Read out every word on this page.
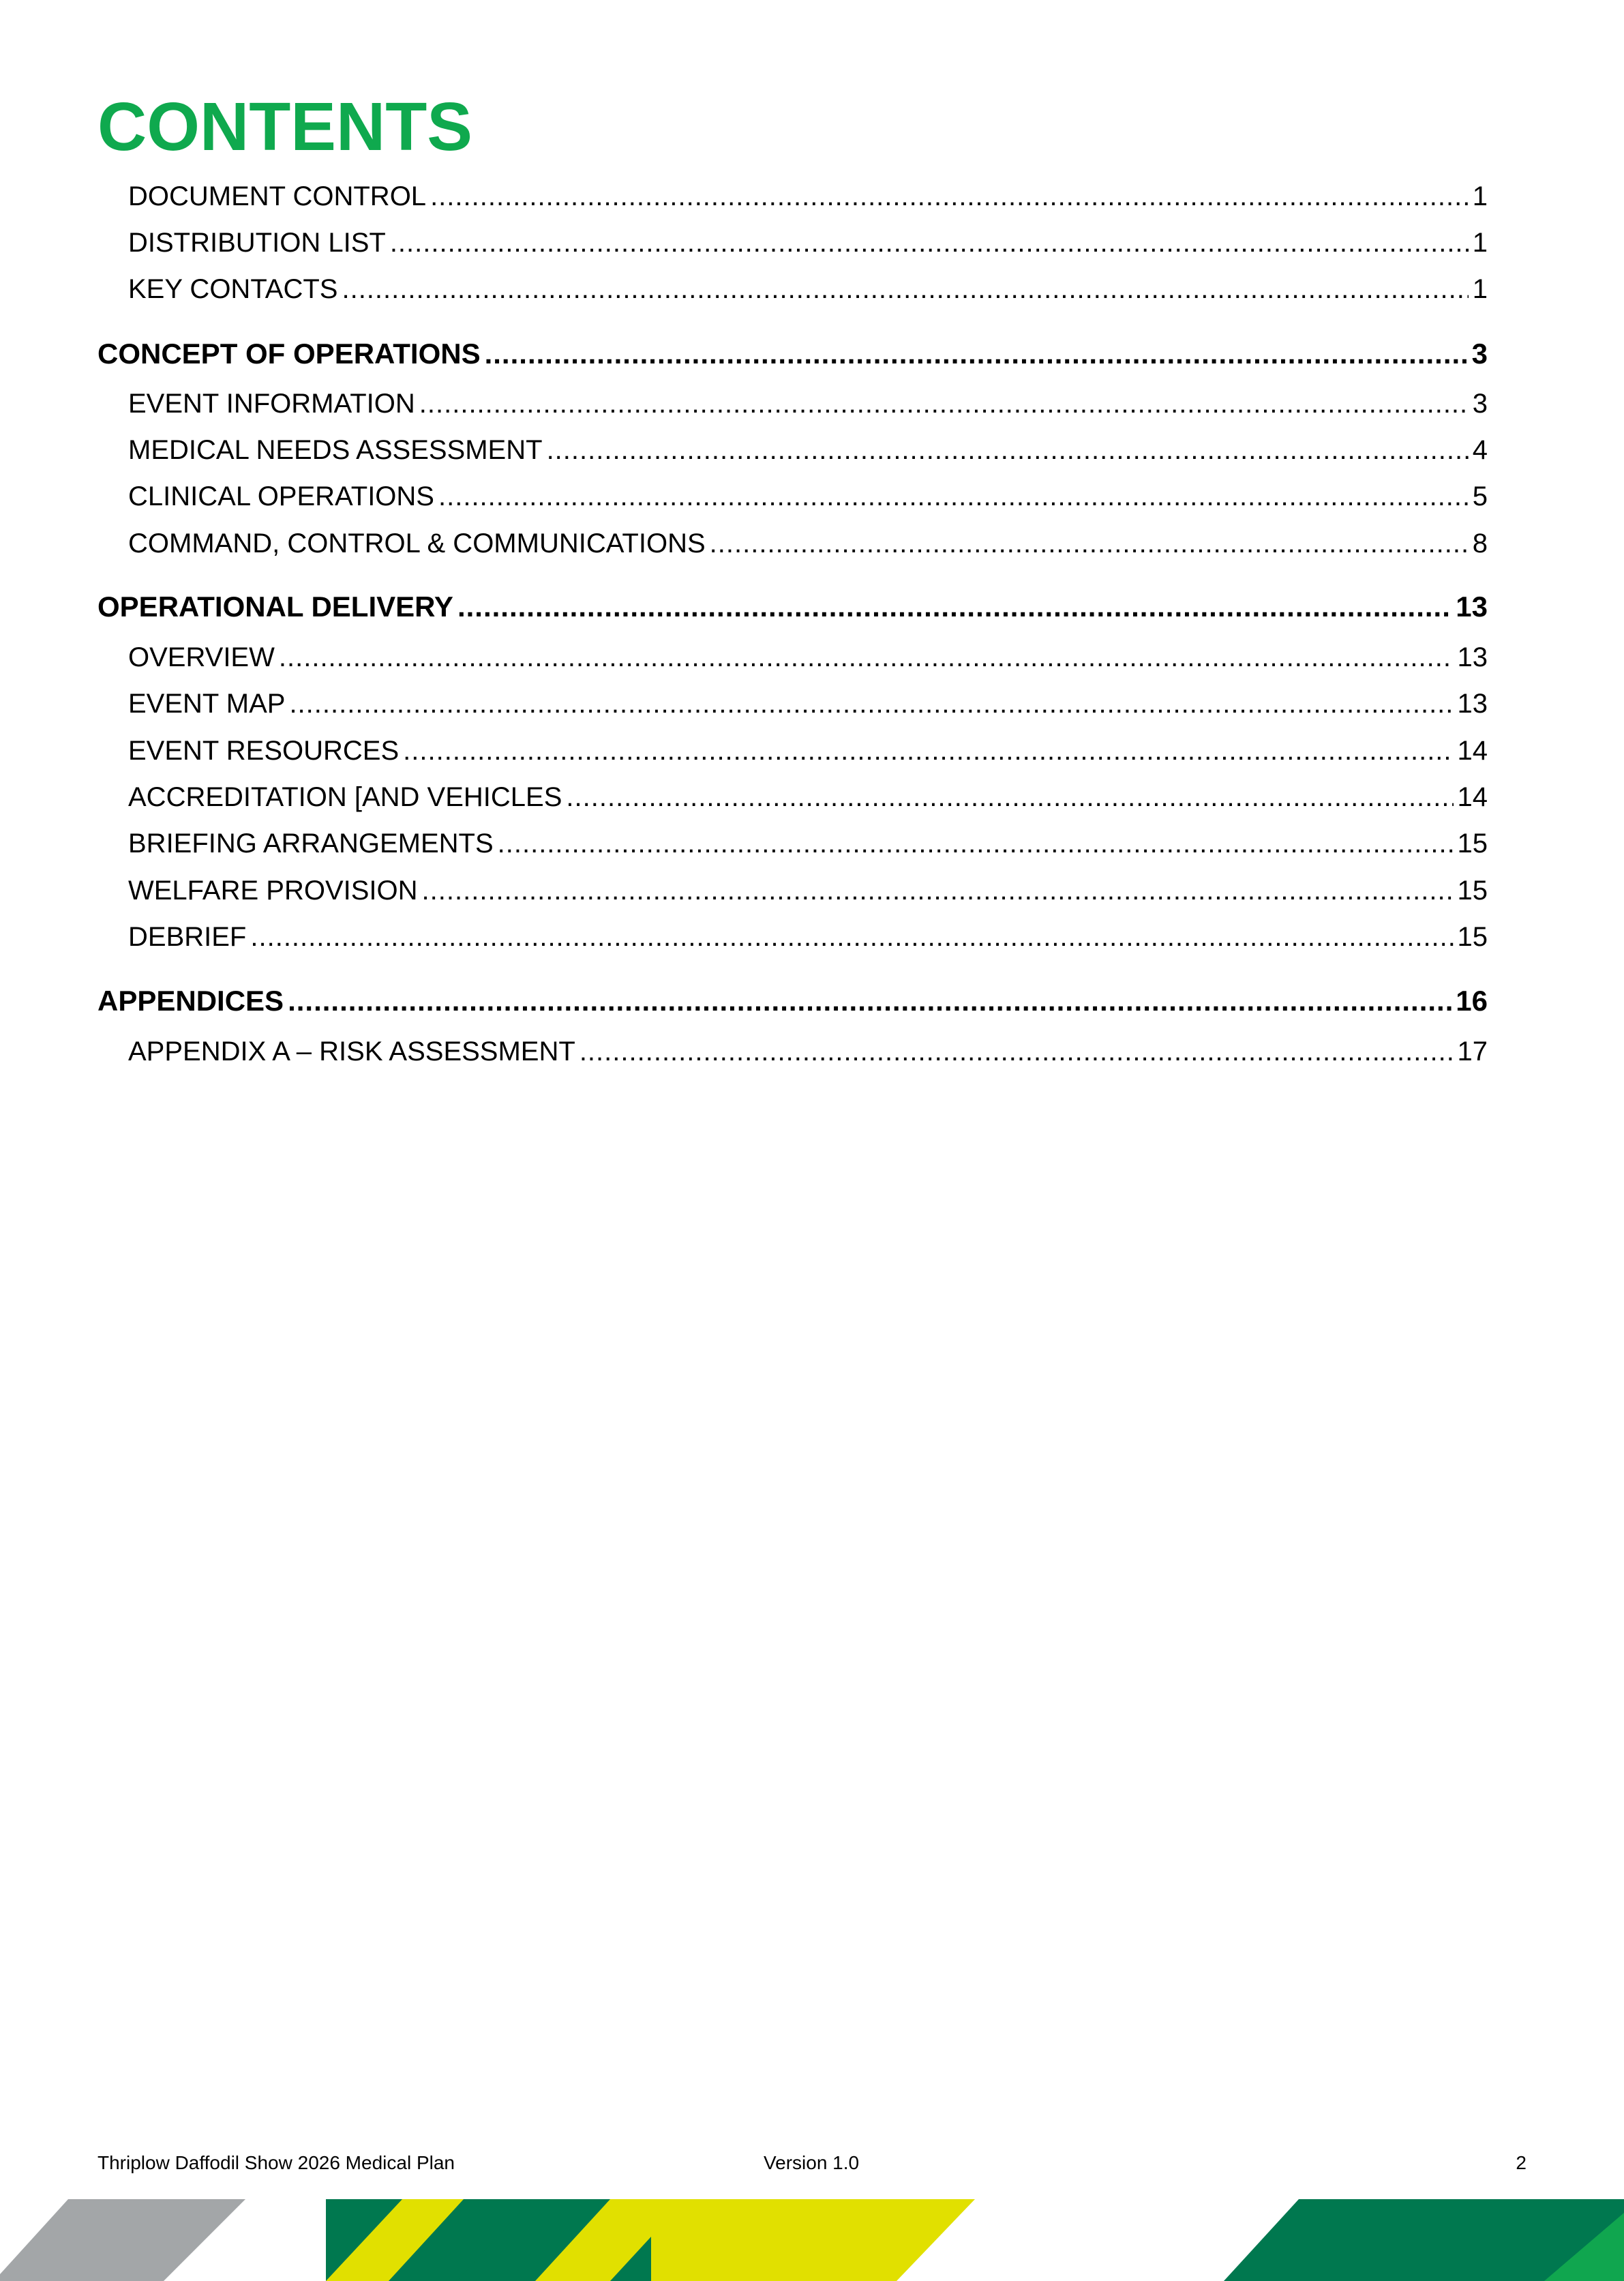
CONTENTS
DOCUMENT CONTROL .....	1
DISTRIBUTION LIST .....	1
KEY CONTACTS .....	1
CONCEPT OF OPERATIONS .....	3
EVENT INFORMATION .....	3
MEDICAL NEEDS ASSESSMENT .....	4
CLINICAL OPERATIONS .....	5
COMMAND, CONTROL & COMMUNICATIONS .....	8
OPERATIONAL DELIVERY .....	13
OVERVIEW .....	13
EVENT MAP .....	13
EVENT RESOURCES .....	14
ACCREDITATION [AND VEHICLES .....	14
BRIEFING ARRANGEMENTS .....	15
WELFARE PROVISION .....	15
DEBRIEF .....	15
APPENDICES .....	16
APPENDIX A – RISK ASSESSMENT .....	17
Thriplow Daffodil Show 2026 Medical Plan	Version 1.0	2
